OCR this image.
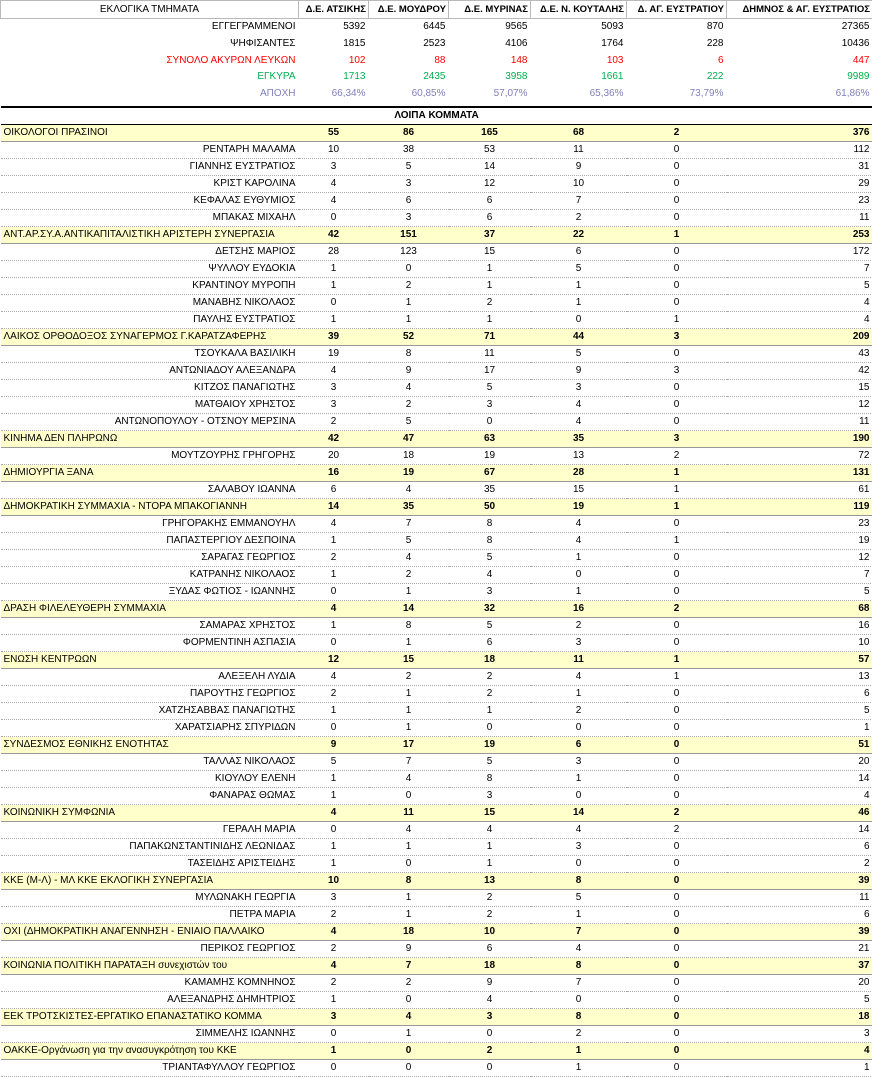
ΕΚΛΟΓΙΚΑ ΤΜΗΜΑΤΑ	Δ.Ε. ΑΤΣΙΚΗΣ	Δ.Ε. ΜΟΥΔΡΟΥ	Δ.Ε. ΜΥΡΙΝΑΣ	Δ.Ε. Ν. ΚΟΥΤΑΛΗΣ	Δ. ΑΓ. ΕΥΣΤΡΑΤΙΟΥ	ΔΗΜΝΟΣ & ΑΓ. ΕΥΣΤΡΑΤΙΟΣ
ΕΓΓΕΓΡΑΜΜΕΝΟΙ	5392	6445	9565	5093	870	27365
ΨΗΦΙΣΑΝΤΕΣ	1815	2523	4106	1764	228	10436
ΣΥΝΟΛΟ ΑΚΥΡΩΝ ΛΕΥΚΩΝ	102	88	148	103	6	447
ΕΓΚΥΡΑ	1713	2435	3958	1661	222	9989
ΑΠΟΧΗ	66,34%	60,85%	57,07%	65,36%	73,79%	61,86%

ΛΟΙΠΑ ΚΟΜΜΑΤΑ						
ΟΙΚΟΛΟΓΟΙ ΠΡΑΣΙΝΟΙ	55	86	165	68	2	376
ΡΕΝΤΑΡΗ ΜΑΛΑΜΑ	10	38	53	11	0	112
ΓΙΑΝΝΗΣ ΕΥΣΤΡΑΤΙΟΣ	3	5	14	9	0	31
ΚΡΙΣΤ ΚΑΡΟΛΙΝΑ	4	3	12	10	0	29
ΚΕΦΑΛΑΣ ΕΥΘΥΜΙΟΣ	4	6	6	7	0	23
ΜΠΑΚΑΣ ΜΙΧΑΗΛ	0	3	6	2	0	11
ΑΝΤ.ΑΡ.ΣΥ.Α.ΑΝΤΙΚΑΠΙΤΑΛΙΣΤΙΚΗ ΑΡΙΣΤΕΡΗ ΣΥΝΕΡΓΑΣΙΑ	42	151	37	22	1	253
ΔΕΤΣΗΣ ΜΑΡΙΟΣ	28	123	15	6	0	172
ΨΥΛΛΟΥ ΕΥΔΟΚΙΑ	1	0	1	5	0	7
ΚΡΑΝΤΙΝΟΥ ΜΥΡΟΠΗ	1	2	1	1	0	5
ΜΑΝΑΒΗΣ ΝΙΚΟΛΑΟΣ	0	1	2	1	0	4
ΠΑΥΛΗΣ ΕΥΣΤΡΑΤΙΟΣ	1	1	1	0	1	4
ΛΑΙΚΟΣ ΟΡΘΟΔΟΞΟΣ ΣΥΝΑΓΕΡΜΟΣ Γ.ΚΑΡΑΤΖΑΦΕΡΗΣ	39	52	71	44	3	209
ΤΣΟΥΚΑΛΑ ΒΑΣΙΛΙΚΗ	19	8	11	5	0	43
ΑΝΤΩΝΙΑΔΟΥ ΑΛΕΞΑΝΔΡΑ	4	9	17	9	3	42
ΚΙΤΖΟΣ ΠΑΝΑΓΙΩΤΗΣ	3	4	5	3	0	15
ΜΑΤΘΑΙΟΥ ΧΡΗΣΤΟΣ	3	2	3	4	0	12
ΑΝΤΩΝΟΠΟΥΛΟΥ - ΟΤΣΝΟΥ ΜΕΡΣΙΝΑ	2	5	0	4	0	11
ΚΙΝΗΜΑ ΔΕΝ ΠΛΗΡΩΝΩ	42	47	63	35	3	190
ΜΟΥΤΖΟΥΡΗΣ ΓΡΗΓΟΡΗΣ	20	18	19	13	2	72
ΔΗΜΙΟΥΡΓΙΑ ΞΑΝΑ	16	19	67	28	1	131
ΣΑΛΑΒΟΥ ΙΩΑΝΝΑ	6	4	35	15	1	61
ΔΗΜΟΚΡΑΤΙΚΗ ΣΥΜΜΑΧΙΑ - ΝΤΟΡΑ ΜΠΑΚΟΓΙΑΝΝΗ	14	35	50	19	1	119
ΓΡΗΓΟΡΑΚΗΣ ΕΜΜΑΝΟΥΗΛ	4	7	8	4	0	23
ΠΑΠΑΣΤΕΡΓΙΟΥ ΔΕΣΠΟΙΝΑ	1	5	8	4	1	19
ΣΑΡΑΓΑΣ ΓΕΩΡΓΙΟΣ	2	4	5	1	0	12
ΚΑΤΡΑΝΗΣ ΝΙΚΟΛΑΟΣ	1	2	4	0	0	7
ΞΥΔΑΣ ΦΩΤΙΟΣ - ΙΩΑΝΝΗΣ	0	1	3	1	0	5
ΔΡΑΣΗ ΦΙΛΕΛΕΥΘΕΡΗ ΣΥΜΜΑΧΙΑ	4	14	32	16	2	68
ΣΑΜΑΡΑΣ ΧΡΗΣΤΟΣ	1	8	5	2	0	16
ΦΟΡΜΕΝΤΙΝΗ ΑΣΠΑΣΙΑ	0	1	6	3	0	10
ΕΝΩΣΗ ΚΕΝΤΡΩΩΝ	12	15	18	11	1	57
ΑΛΕΞΕΛΗ ΛΥΔΙΑ	4	2	2	4	1	13
ΠΑΡΟΥΤΗΣ ΓΕΩΡΓΙΟΣ	2	1	2	1	0	6
ΧΑΤΖΗΣΑΒΒΑΣ ΠΑΝΑΓΙΩΤΗΣ	1	1	1	2	0	5
ΧΑΡΑΤΣΙΑΡΗΣ ΣΠΥΡΙΔΩΝ	0	1	0	0	0	1
ΣΥΝΔΕΣΜΟΣ ΕΘΝΙΚΗΣ ΕΝΟΤΗΤΑΣ	9	17	19	6	0	51
ΤΑΛΛΑΣ ΝΙΚΟΛΑΟΣ	5	7	5	3	0	20
ΚΙΟΥΛΟΥ ΕΛΕΝΗ	1	4	8	1	0	14
ΦΑΝΑΡΑΣ ΘΩΜΑΣ	1	0	3	0	0	4
ΚΟΙΝΩΝΙΚΗ ΣΥΜΦΩΝΙΑ	4	11	15	14	2	46
ΓΕΡΑΛΗ ΜΑΡΙΑ	0	4	4	4	2	14
ΠΑΠΑΚΩΝΣΤΑΝΤΙΝΙΔΗΣ ΛΕΩΝΙΔΑΣ	1	1	1	3	0	6
ΤΑΣΕΙΔΗΣ ΑΡΙΣΤΕΙΔΗΣ	1	0	1	0	0	2
ΚΚΕ (Μ-Λ) - ΜΛ ΚΚΕ ΕΚΛΟΓΙΚΗ ΣΥΝΕΡΓΑΣΙΑ	10	8	13	8	0	39
ΜΥΛΩΝΑΚΗ ΓΕΩΡΓΙΑ	3	1	2	5	0	11
ΠΕΤΡΑ ΜΑΡΙΑ	2	1	2	1	0	6
ΟΧΙ (ΔΗΜΟΚΡΑΤΙΚΗ ΑΝΑΓΕΝΝΗΣΗ - ΕΝΙΑΙΟ ΠΑΛΛΑΙΚΟ	4	18	10	7	0	39
ΠΕΡΙΚΟΣ ΓΕΩΡΓΙΟΣ	2	9	6	4	0	21
ΚΟΙΝΩΝΙΑ ΠΟΛΙΤΙΚΗ ΠΑΡΑΤΑΞΗ συνεχιστών του	4	7	18	8	0	37
ΚΑΜΑΜΗΣ ΚΟΜΝΗΝΟΣ	2	2	9	7	0	20
ΑΛΕΞΑΝΔΡΗΣ ΔΗΜΗΤΡΙΟΣ	1	0	4	0	0	5
ΕΕΚ ΤΡΟΤΣΚΙΣΤΕΣ-ΕΡΓΑΤΙΚΟ ΕΠΑΝΑΣΤΑΤΙΚΟ ΚΟΜΜΑ	3	4	3	8	0	18
ΣΙΜΜΕΛΗΣ ΙΩΑΝΝΗΣ	0	1	0	2	0	3
ΟΑΚΚΕ-Οργάνωση για την ανασυγκρότηση του ΚΚΕ	1	0	2	1	0	4
ΤΡΙΑΝΤΑΦΥΛΛΟΥ ΓΕΩΡΓΙΟΣ	0	0	0	1	0	1
